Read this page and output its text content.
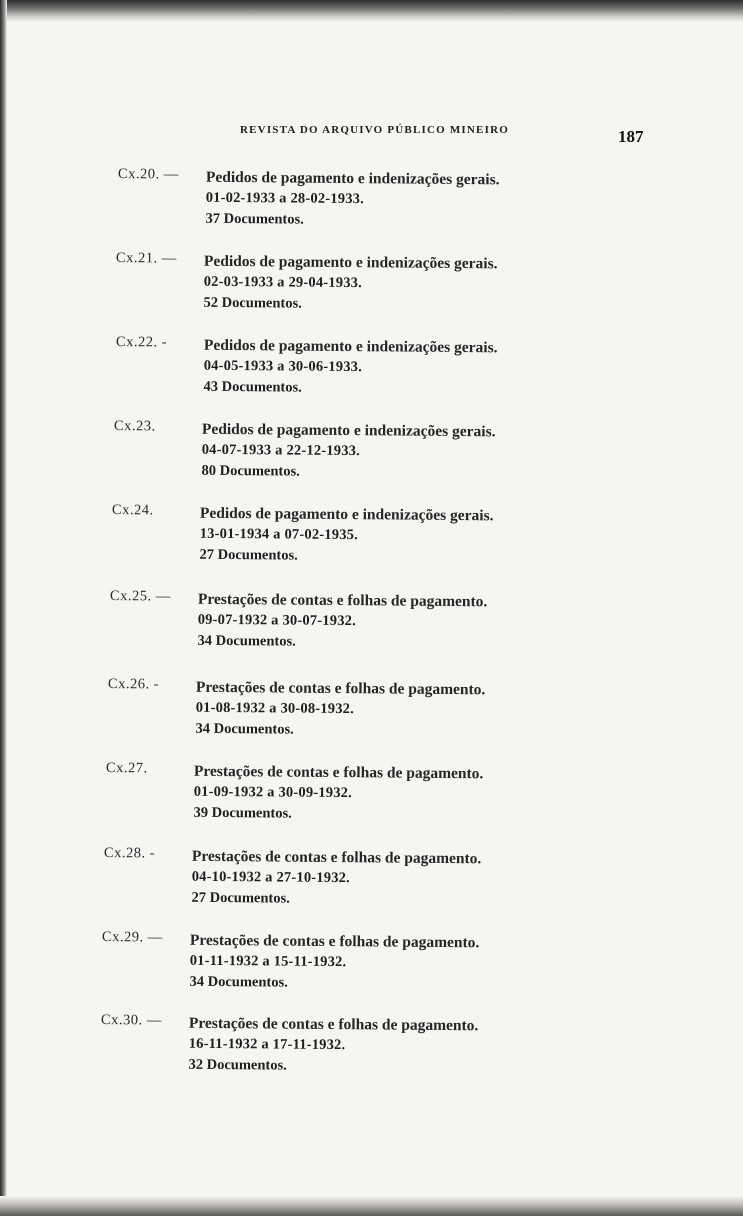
REVISTA DO ARQUIVO PÚBLICO MINEIRO	187
Cx.20. —	Pedidos de pagamento e indenizações gerais.
01-02-1933 a 28-02-1933.
37 Documentos.
Cx.21. —	Pedidos de pagamento e indenizações gerais.
02-03-1933 a 29-04-1933.
52 Documentos.
Cx.22. -	Pedidos de pagamento e indenizações gerais.
04-05-1933 a 30-06-1933.
43 Documentos.
Cx.23.	Pedidos de pagamento e indenizações gerais.
04-07-1933 a 22-12-1933.
80 Documentos.
Cx.24.	Pedidos de pagamento e indenizações gerais.
13-01-1934 a 07-02-1935.
27 Documentos.
Cx.25. —	Prestações de contas e folhas de pagamento.
09-07-1932 a 30-07-1932.
34 Documentos.
Cx.26. -	Prestações de contas e folhas de pagamento.
01-08-1932 a 30-08-1932.
34 Documentos.
Cx.27.	Prestações de contas e folhas de pagamento.
01-09-1932 a 30-09-1932.
39 Documentos.
Cx.28. -	Prestações de contas e folhas de pagamento.
04-10-1932 a 27-10-1932.
27 Documentos.
Cx.29. —	Prestações de contas e folhas de pagamento.
01-11-1932 a 15-11-1932.
34 Documentos.
Cx.30. —	Prestações de contas e folhas de pagamento.
16-11-1932 a 17-11-1932.
32 Documentos.
